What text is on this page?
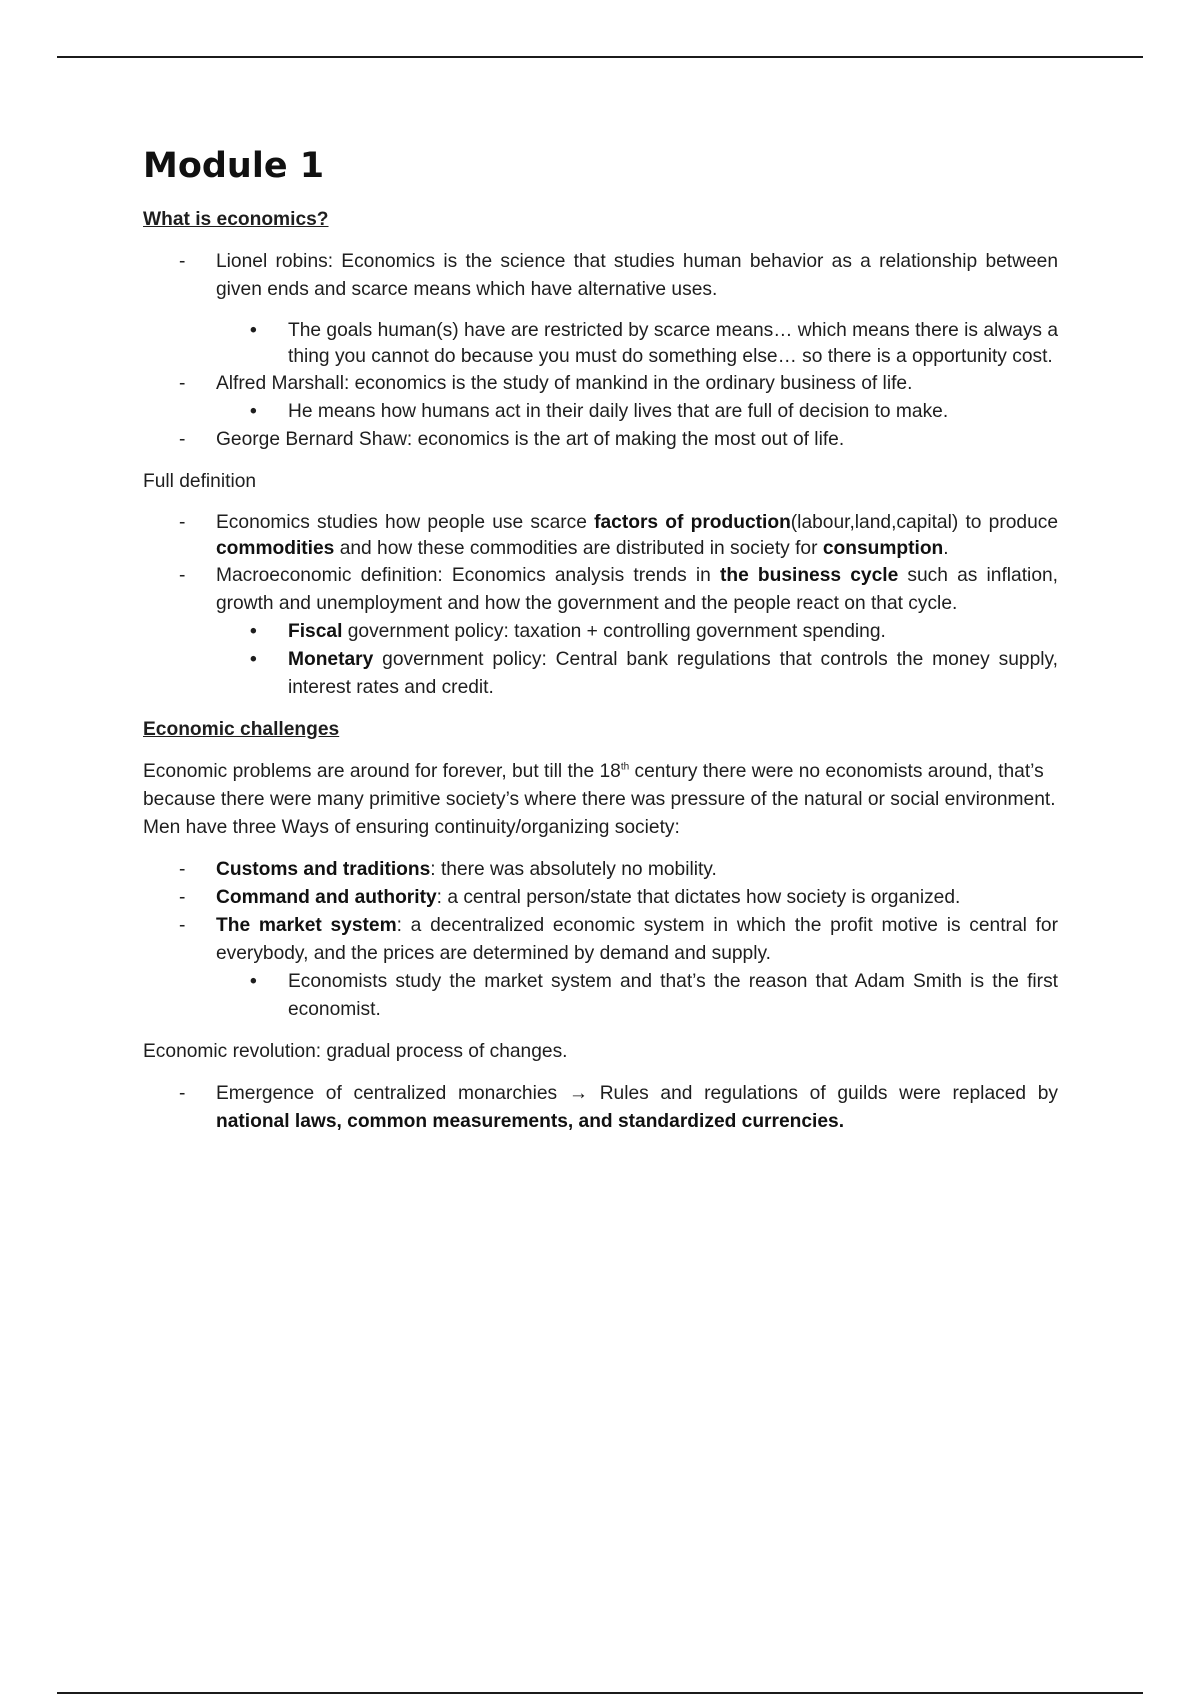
Module 1

What is economics?

- Lionel robins: Economics is the science that studies human behavior as a relationship between given ends and scarce means which have alternative uses.
• The goals human(s) have are restricted by scarce means… which means there is always a thing you cannot do because you must do something else… so there is a opportunity cost.
- Alfred Marshall: economics is the study of mankind in the ordinary business of life.
• He means how humans act in their daily lives that are full of decision to make.
- George Bernard Shaw: economics is the art of making the most out of life.

Full definition

- Economics studies how people use scarce factors of production(labour,land,capital) to produce commodities and how these commodities are distributed in society for consumption.
- Macroeconomic definition: Economics analysis trends in the business cycle such as inflation, growth and unemployment and how the government and the people react on that cycle.
• Fiscal government policy: taxation + controlling government spending.
• Monetary government policy: Central bank regulations that controls the money supply, interest rates and credit.

Economic challenges

Economic problems are around for forever, but till the 18th century there were no economists around, that’s because there were many primitive society’s where there was pressure of the natural or social environment. Men have three Ways of ensuring continuity/organizing society:

- Customs and traditions: there was absolutely no mobility.
- Command and authority: a central person/state that dictates how society is organized.
- The market system: a decentralized economic system in which the profit motive is central for everybody, and the prices are determined by demand and supply.
• Economists study the market system and that’s the reason that Adam Smith is the first economist.

Economic revolution: gradual process of changes.

- Emergence of centralized monarchies → Rules and regulations of guilds were replaced by national laws, common measurements, and standardized currencies.
